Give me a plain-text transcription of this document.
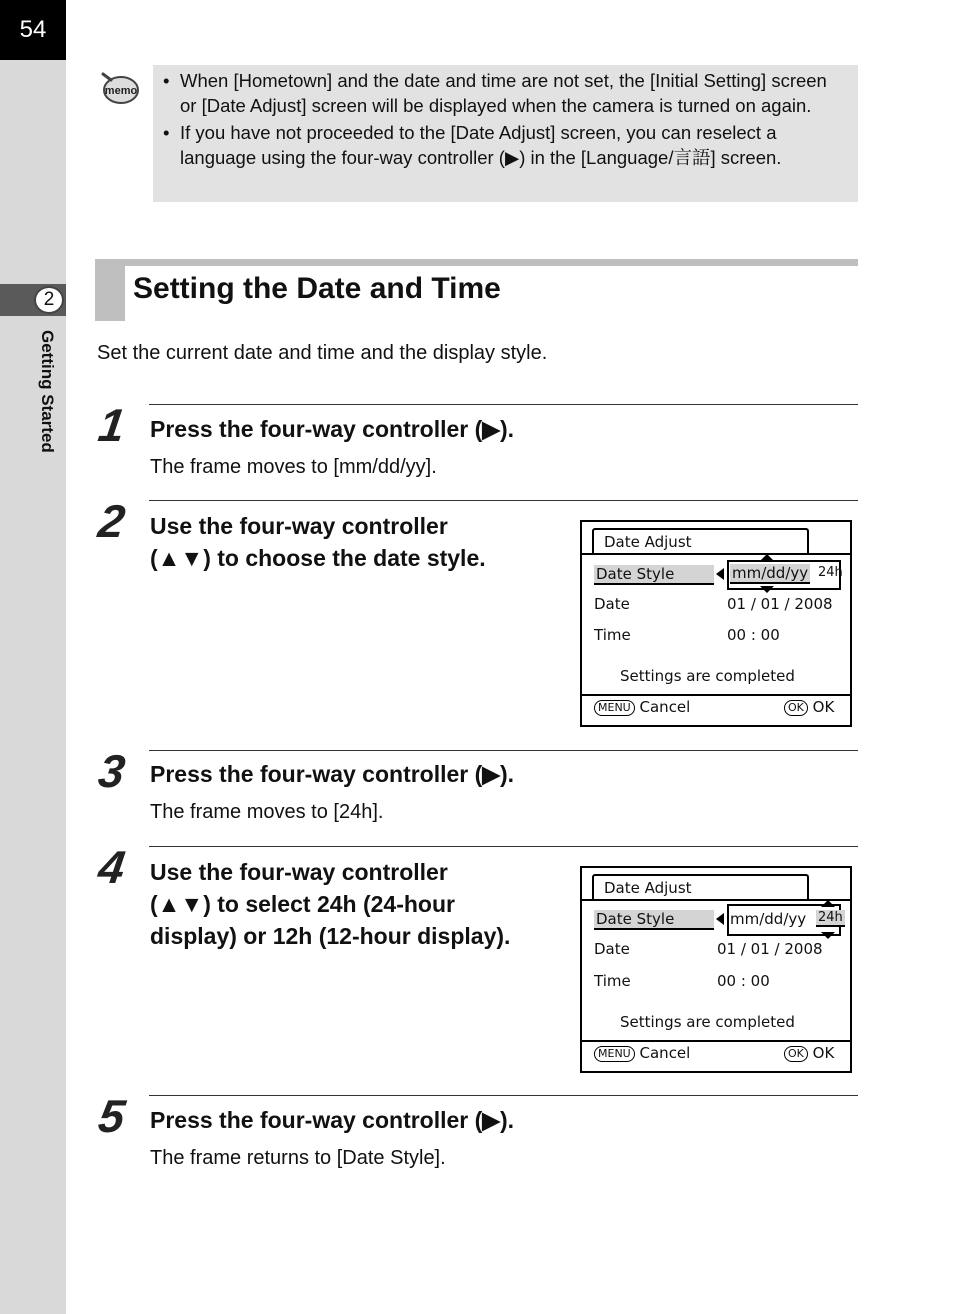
54
2
Getting Started
memo • When [Hometown] and the date and time are not set, the [Initial Setting] screen or [Date Adjust] screen will be displayed when the camera is turned on again.
• If you have not proceeded to the [Date Adjust] screen, you can reselect a language using the four-way controller (▶) in the [Language/言語] screen.
Setting the Date and Time
Set the current date and time and the display style.
1 Press the four-way controller (▶).
The frame moves to [mm/dd/yy].
2 Use the four-way controller
(▲▼) to choose the date style.
Date Adjust
Date Style	mm/dd/yy 24h
Date	01 / 01 / 2008
Time	00 : 00
Settings are completed
MENU Cancel	OK OK
3 Press the four-way controller (▶).
The frame moves to [24h].
4 Use the four-way controller
(▲▼) to select 24h (24-hour
display) or 12h (12-hour display).
Date Adjust
Date Style	mm/dd/yy 24h
Date	01 / 01 / 2008
Time	00 : 00
Settings are completed
MENU Cancel	OK OK
5 Press the four-way controller (▶).
The frame returns to [Date Style].
